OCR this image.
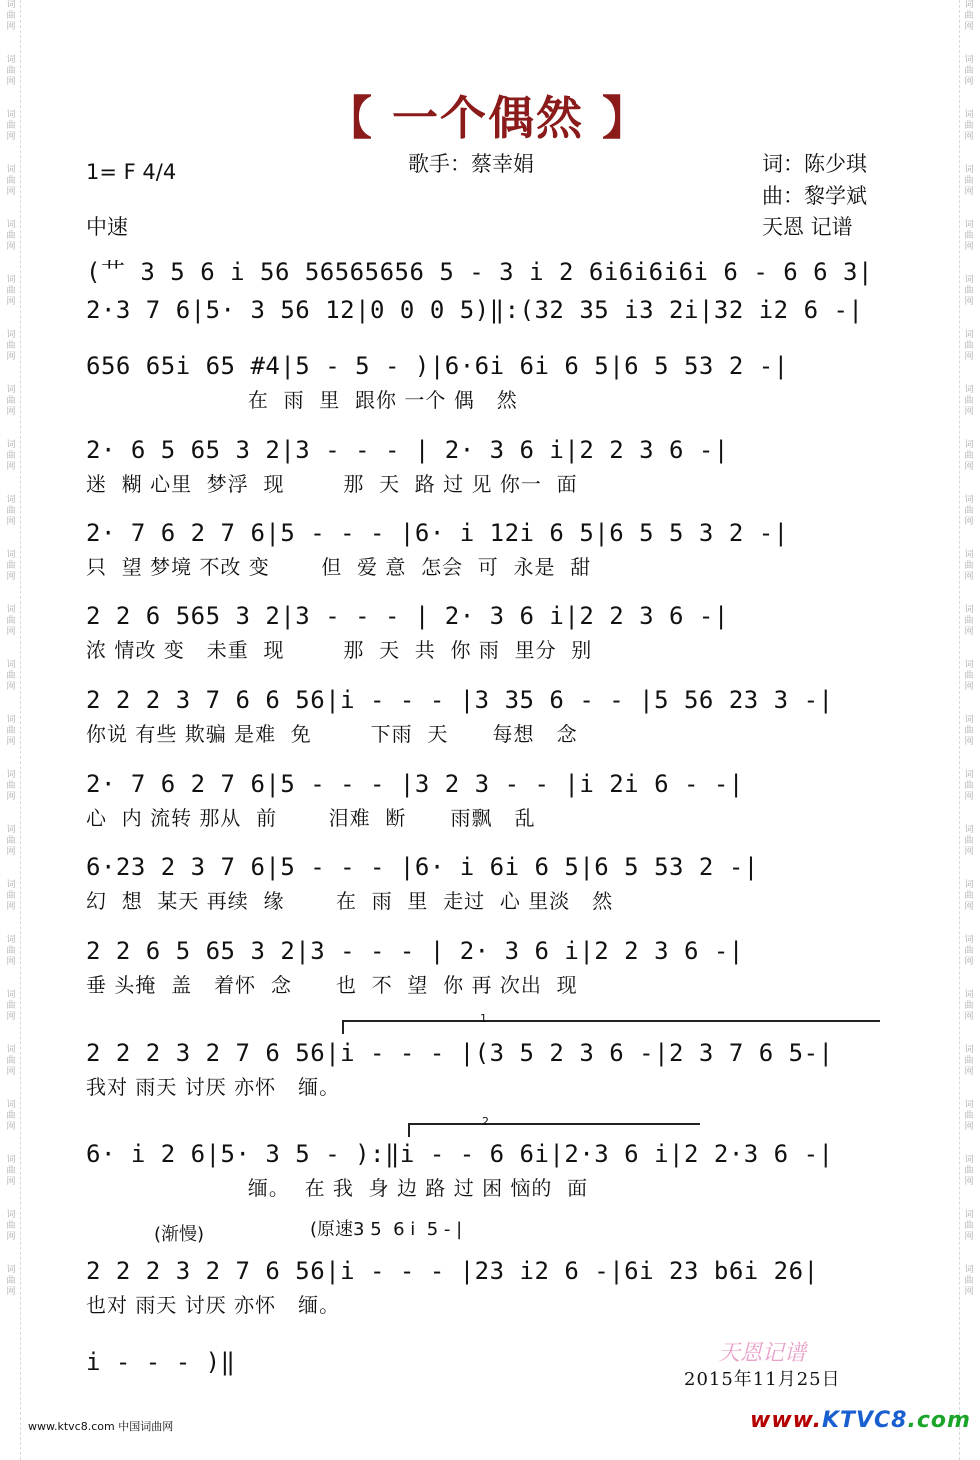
词曲网
词曲网
词曲网
词曲网
词曲网
词曲网
词曲网
词曲网
词曲网
词曲网
词曲网
词曲网
词曲网
词曲网
词曲网
词曲网
词曲网
词曲网
词曲网
词曲网
词曲网
词曲网
词曲网
词曲网
词曲网
词曲网
词曲网
词曲网
词曲网
词曲网
词曲网
词曲网
词曲网
词曲网
词曲网
词曲网
词曲网
词曲网
词曲网
词曲网
词曲网
词曲网
词曲网
词曲网
词曲网
词曲网
词曲网
词曲网
【 一个偶然 】
1= F 4/4	歌手：蔡幸娟	词：陈少琪
曲：黎学斌
中速	天恩 记谱
(艹 3 5 6 i 56 56565656 5 - 3 i 2 6i6i6i6i 6 - 6 6 3|
2·3 7 6|5· 3 56 12|0 0 0 5)‖:(32 35 i3 2i|32 i2 6 -|
656 65i 65 #4|5 - 5 - )|6·6i 6i 6 5|6 5 53 2 -|
在  雨  里  跟你 一个 偶   然
2· 6 5 65 3 2|3 - - - | 2· 3 6 i|2 2 3 6 -|
迷  糊 心里  梦浮  现        那  天  路 过 见 你一  面
2· 7 6 2 7 6|5 - - - |6· i 12i 6 5|6 5 5 3 2 -|
只  望 梦境 不改 变       但  爱 意  怎会  可  永是  甜
2 2 6 565 3 2|3 - - - | 2· 3 6 i|2 2 3 6 -|
浓 情改 变   未重  现        那  天  共  你 雨  里分  别
2 2 2 3 7 6 6 56|i - - - |3 35 6 - - |5 56 23 3 -|
你说 有些 欺骗 是难  免        下雨  天      每想   念
2· 7 6 2 7 6|5 - - - |3 2 3 - - |i 2i 6 - -|
心  内 流转 那从  前       泪难  断      雨飘   乱
6·23 2 3 7 6|5 - - - |6· i 6i 6 5|6 5 53 2 -|
幻  想  某天 再续  缘       在  雨  里  走过  心 里淡   然
2 2 6 5 65 3 2|3 - - - | 2· 3 6 i|2 2 3 6 -|
垂 头掩  盖   着怀  念      也  不  望  你 再 次出  现
1
2 2 2 3 2 7 6 56|i - - - |(3 5 2 3 6 -|2 3 7 6 5-|
我对 雨天 讨厌 亦怀   缅。
2
6· i 2 6|5· 3 5 - ):‖i - - 6 6i|2·3 6 i|2 2·3 6 -|
缅。  在 我  身 边 路 过 困 恼的  面
(渐慢)	(原速3 5  6 i  5 - |
2 2 2 3 2 7 6 56|i - - - |23 i2 6 -|6i 23 b6i 26|
也对 雨天 讨厌 亦怀   缅。
i - - - )‖	天恩记谱
2015年11月25日
www.ktvc8.com 中国词曲网	www.KTVC8.com
